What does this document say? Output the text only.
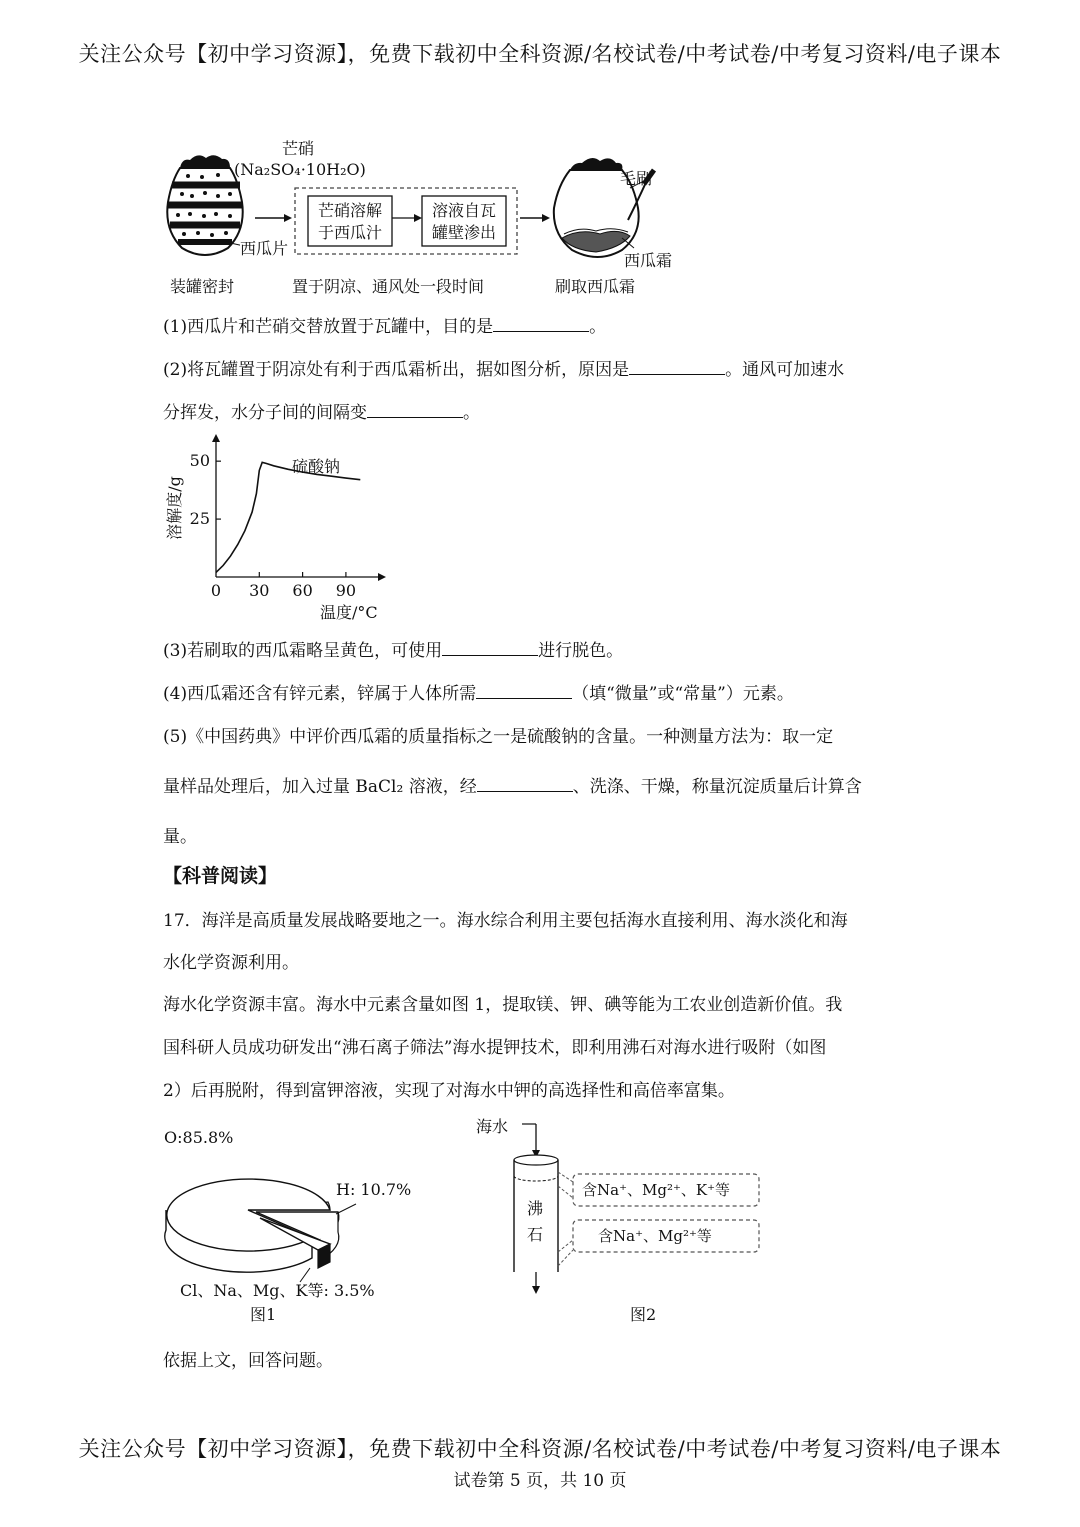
关注公众号【初中学习资源】，免费下载初中全科资源/名校试卷/中考试卷/中考复习资料/电子课本
芒硝溶解
于西瓜汁
溶液自瓦
罐壁渗出
芒硝
(Na₂SO₄·10H₂O)
西瓜片
毛刷
西瓜霜
装罐密封	置于阴凉、通风处一段时间	刷取西瓜霜
(1)西瓜片和芒硝交替放置于瓦罐中，目的是	。
(2)将瓦罐置于阴凉处有利于西瓜霜析出，据如图分析，原因是	。通风可加速水
分挥发，水分子间的间隔变	。
溶解度/g
0 30 60 90
25
50	硫酸钠
温度/°C
(3)若刷取的西瓜霜略呈黄色，可使用	进行脱色。
(4)西瓜霜还含有锌元素，锌属于人体所需	（填“微量”或“常量”）元素。
(5)《中国药典》中评价西瓜霜的质量指标之一是硫酸钠的含量。一种测量方法为：取一定
量样品处理后，加入过量 BaCl₂ 溶液，经	、洗涤、干燥，称量沉淀质量后计算含
量。
【科普阅读】
17．海洋是高质量发展战略要地之一。海水综合利用主要包括海水直接利用、海水淡化和海
水化学资源利用。
海水化学资源丰富。海水中元素含量如图 1，提取镁、钾、碘等能为工农业创造新价值。我
国科研人员成功研发出“沸石离子筛法”海水提钾技术，即利用沸石对海水进行吸附（如图
2）后再脱附，得到富钾溶液，实现了对海水中钾的高选择性和高倍率富集。
O:85.8%
H: 10.7%
Cl、Na、Mg、K等: 3.5%
图1
海水
沸
石
含Na⁺、Mg²⁺、K⁺等
含Na⁺、Mg²⁺等
图2
依据上文，回答问题。
关注公众号【初中学习资源】，免费下载初中全科资源/名校试卷/中考试卷/中考复习资料/电子课本
试卷第 5 页，共 10 页
